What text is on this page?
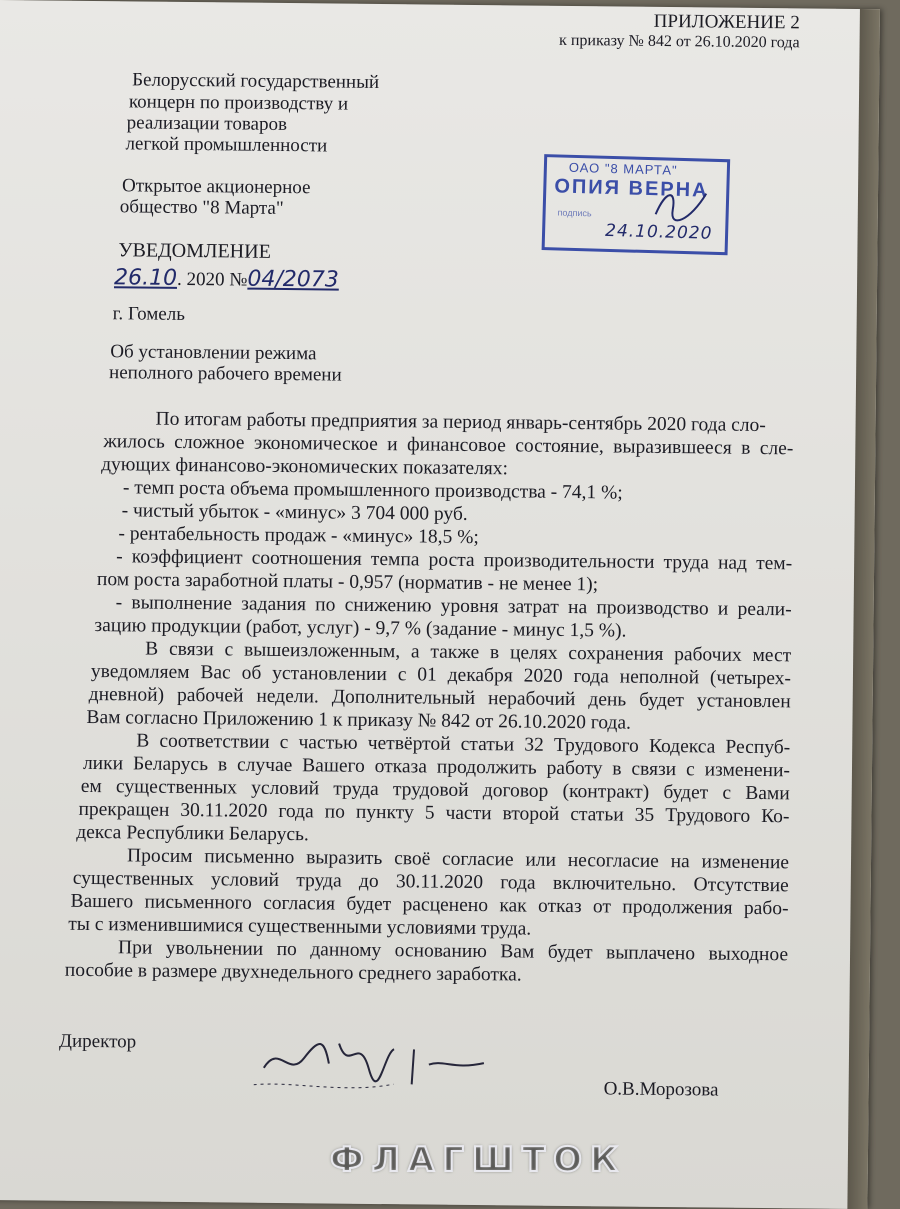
ПРИЛОЖЕНИЕ 2
к приказу № 842 от 26.10.2020 года
Белорусский государственный
концерн по производству и
реализации товаров
легкой промышленности
Открытое акционерное
общество "8 Марта"
ОАО "8 МАРТА"
ОПИЯ ВЕРНА
подпись
24.10.2020
УВЕДОМЛЕНИЕ
26.10. 2020 №04/2073
г. Гомель
Об установлении режима
неполного рабочего времени
По итогам работы предприятия за период январь-сентябрь 2020 года сло-
жилось сложное экономическое и финансовое состояние, выразившееся в сле-
дующих финансово-экономических показателях:
- темп роста объема промышленного производства - 74,1 %;
- чистый убыток - «минус» 3 704 000 руб.
- рентабельность продаж - «минус» 18,5 %;
- коэффициент соотношения темпа роста производительности труда над тем-
пом роста заработной платы - 0,957 (норматив - не менее 1);
- выполнение задания по снижению уровня затрат на производство и реали-
зацию продукции (работ, услуг) - 9,7 % (задание - минус 1,5 %).
В связи с вышеизложенным, а также в целях сохранения рабочих мест
уведомляем Вас об установлении с 01 декабря 2020 года неполной (четырех-
дневной) рабочей недели. Дополнительный нерабочий день будет установлен
Вам согласно Приложению 1 к приказу № 842 от 26.10.2020 года.
В соответствии с частью четвёртой статьи 32 Трудового Кодекса Респуб-
лики Беларусь в случае Вашего отказа продолжить работу в связи с изменени-
ем существенных условий труда трудовой договор (контракт) будет с Вами
прекращен 30.11.2020 года по пункту 5 части второй статьи 35 Трудового Ко-
декса Республики Беларусь.
Просим письменно выразить своё согласие или несогласие на изменение
существенных условий труда до 30.11.2020 года включительно. Отсутствие
Вашего письменного согласия будет расценено как отказ от продолжения рабо-
ты с изменившимися существенными условиями труда.
При увольнении по данному основанию Вам будет выплачено выходное
пособие в размере двухнедельного среднего заработка.
Директор
О.В.Морозова
ФЛАГШТОК
